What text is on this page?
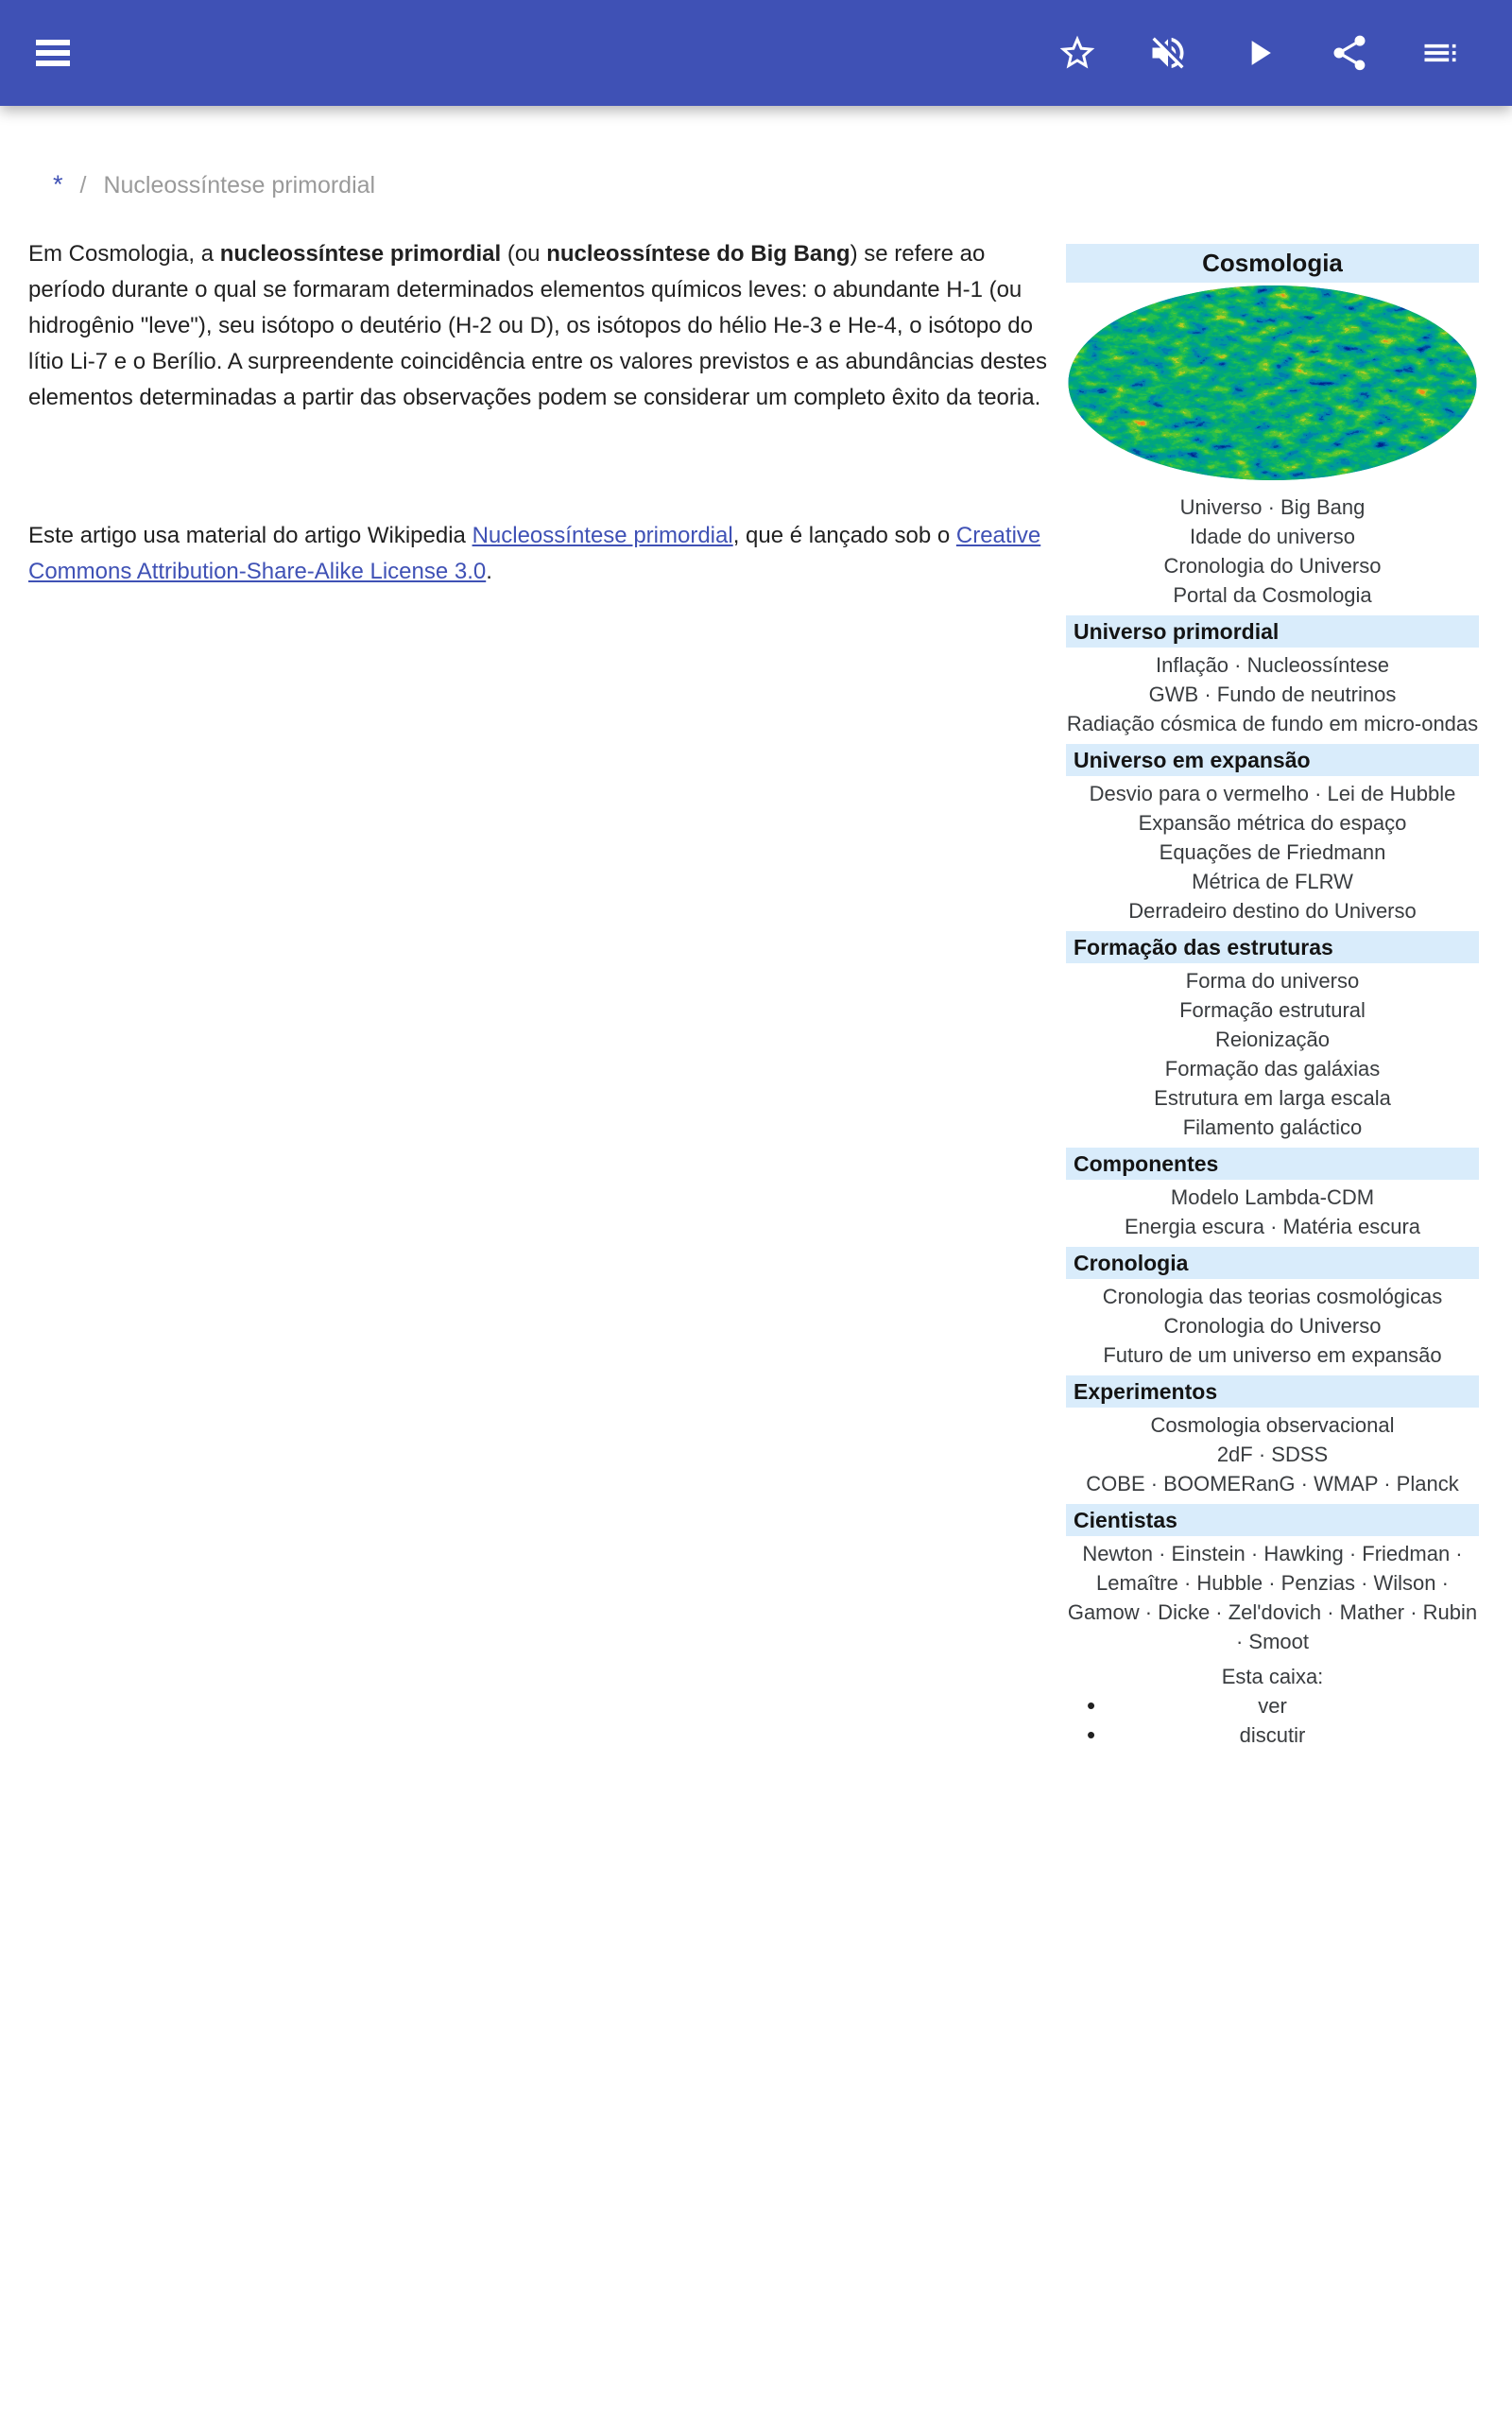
* / Nucleossíntese primordial

Em Cosmologia, a nucleossíntese primordial (ou nucleossíntese do Big Bang) se refere ao período durante o qual se formaram determinados elementos químicos leves: o abundante H-1 (ou hidrogênio "leve"), seu isótopo o deutério (H-2 ou D), os isótopos do hélio He-3 e He-4, o isótopo do lítio Li-7 e o Berílio. A surpreendente coincidência entre os valores previstos e as abundâncias destes elementos determinadas a partir das observações podem se considerar um completo êxito da teoria.

Este artigo usa material do artigo Wikipedia Nucleossíntese primordial, que é lançado sob o Creative Commons Attribution-Share-Alike License 3.0.

Cosmologia
Universo · Big Bang
Idade do universo
Cronologia do Universo
Portal da Cosmologia
Universo primordial
Inflação · Nucleossíntese
GWB · Fundo de neutrinos
Radiação cósmica de fundo em micro-ondas
Universo em expansão
Desvio para o vermelho · Lei de Hubble
Expansão métrica do espaço
Equações de Friedmann
Métrica de FLRW
Derradeiro destino do Universo
Formação das estruturas
Forma do universo
Formação estrutural
Reionização
Formação das galáxias
Estrutura em larga escala
Filamento galáctico
Componentes
Modelo Lambda-CDM
Energia escura · Matéria escura
Cronologia
Cronologia das teorias cosmológicas
Cronologia do Universo
Futuro de um universo em expansão
Experimentos
Cosmologia observacional
2dF · SDSS
COBE · BOOMERanG · WMAP · Planck
Cientistas
Newton · Einstein · Hawking · Friedman · Lemaître · Hubble · Penzias · Wilson · Gamow · Dicke · Zel'dovich · Mather · Rubin · Smoot
Esta caixa:
• ver
• discutir
